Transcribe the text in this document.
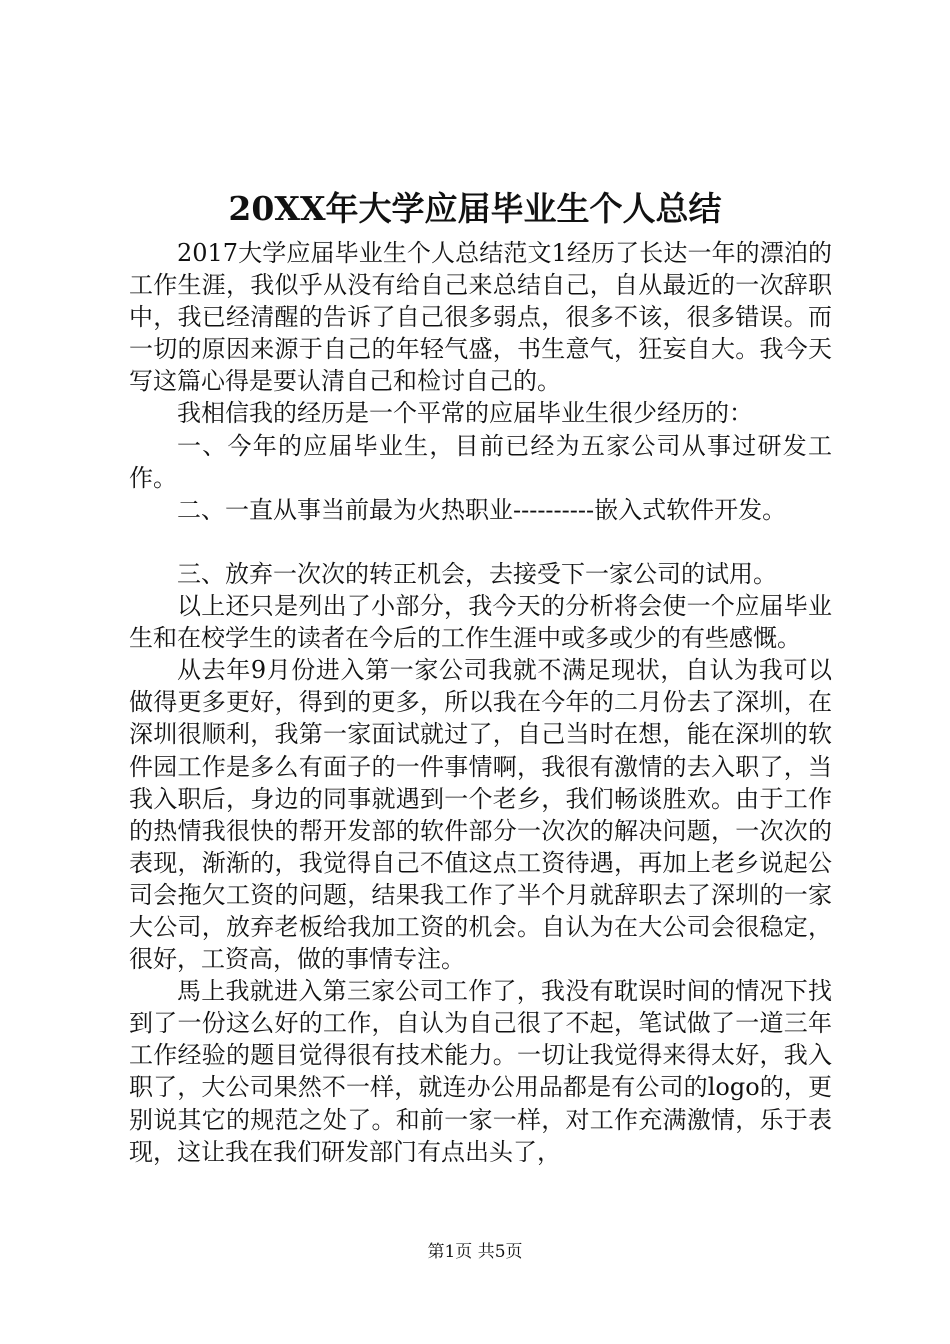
20XX年大学应届毕业生个人总结

2017大学应届毕业生个人总结范文1经历了长达一年的漂泊的工作生涯，我似乎从没有给自己来总结自己，自从最近的一次辞职中，我已经清醒的告诉了自己很多弱点，很多不该，很多错误。而一切的原因来源于自己的年轻气盛，书生意气，狂妄自大。我今天写这篇心得是要认清自己和检讨自己的。

我相信我的经历是一个平常的应届毕业生很少经历的：

一、今年的应届毕业生，目前已经为五家公司从事过研发工作。

二、一直从事当前最为火热职业----------嵌入式软件开发。

三、放弃一次次的转正机会，去接受下一家公司的试用。

以上还只是列出了小部分，我今天的分析将会使一个应届毕业生和在校学生的读者在今后的工作生涯中或多或少的有些感慨。

从去年9月份进入第一家公司我就不满足现状，自认为我可以做得更多更好，得到的更多，所以我在今年的二月份去了深圳，在深圳很顺利，我第一家面试就过了，自己当时在想，能在深圳的软件园工作是多么有面子的一件事情啊，我很有激情的去入职了，当我入职后，身边的同事就遇到一个老乡，我们畅谈胜欢。由于工作的热情我很快的帮开发部的软件部分一次次的解决问题，一次次的表现，渐渐的，我觉得自己不值这点工资待遇，再加上老乡说起公司会拖欠工资的问题，结果我工作了半个月就辞职去了深圳的一家大公司，放弃老板给我加工资的机会。自认为在大公司会很稳定，很好，工资高，做的事情专注。

馬上我就进入第三家公司工作了，我没有耽误时间的情况下找到了一份这么好的工作，自认为自己很了不起，笔试做了一道三年工作经验的题目觉得很有技术能力。一切让我觉得来得太好，我入职了，大公司果然不一样，就连办公用品都是有公司的logo的，更别说其它的规范之处了。和前一家一样，对工作充满激情，乐于表现，这让我在我们研发部门有点出头了，

第1页 共5页
